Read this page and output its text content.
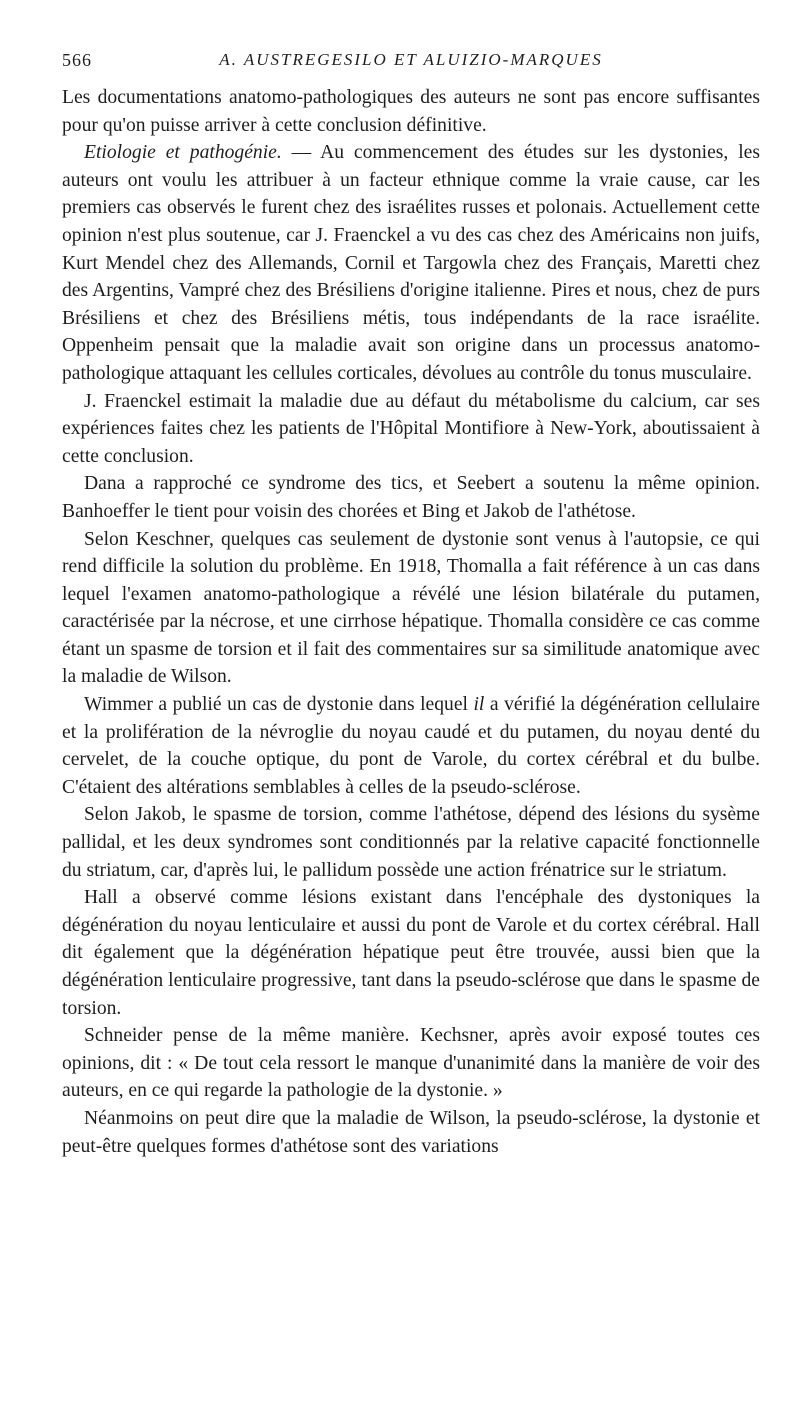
566	A. AUSTREGESILO ET ALUIZIO-MARQUES

Les documentations anatomo-pathologiques des auteurs ne sont pas encore suffisantes pour qu'on puisse arriver à cette conclusion définitive.

Etiologie et pathogénie. — Au commencement des études sur les dystonies, les auteurs ont voulu les attribuer à un facteur ethnique comme la vraie cause, car les premiers cas observés le furent chez des israélites russes et polonais. Actuellement cette opinion n'est plus soutenue, car J. Fraenckel a vu des cas chez des Américains non juifs, Kurt Mendel chez des Allemands, Cornil et Targowla chez des Français, Maretti chez des Argentins, Vampré chez des Brésiliens d'origine italienne. Pires et nous, chez de purs Brésiliens et chez des Brésiliens métis, tous indépendants de la race israélite. Oppenheim pensait que la maladie avait son origine dans un processus anatomo-pathologique attaquant les cellules corticales, dévolues au contrôle du tonus musculaire.

J. Fraenckel estimait la maladie due au défaut du métabolisme du calcium, car ses expériences faites chez les patients de l'Hôpital Montifiore à New-York, aboutissaient à cette conclusion.

Dana a rapproché ce syndrome des tics, et Seebert a soutenu la même opinion. Banhoeffer le tient pour voisin des chorées et Bing et Jakob de l'athétose.

Selon Keschner, quelques cas seulement de dystonie sont venus à l'autopsie, ce qui rend difficile la solution du problème. En 1918, Thomalla a fait référence à un cas dans lequel l'examen anatomo-pathologique a révélé une lésion bilatérale du putamen, caractérisée par la nécrose, et une cirrhose hépatique. Thomalla considère ce cas comme étant un spasme de torsion et il fait des commentaires sur sa similitude anatomique avec la maladie de Wilson.

Wimmer a publié un cas de dystonie dans lequel il a vérifié la dégénération cellulaire et la prolifération de la névroglie du noyau caudé et du putamen, du noyau denté du cervelet, de la couche optique, du pont de Varole, du cortex cérébral et du bulbe. C'étaient des altérations semblables à celles de la pseudo-sclérose.

Selon Jakob, le spasme de torsion, comme l'athétose, dépend des lésions du sysème pallidal, et les deux syndromes sont conditionnés par la relative capacité fonctionnelle du striatum, car, d'après lui, le pallidum possède une action frénatrice sur le striatum.

Hall a observé comme lésions existant dans l'encéphale des dystoniques la dégénération du noyau lenticulaire et aussi du pont de Varole et du cortex cérébral. Hall dit également que la dégénération hépatique peut être trouvée, aussi bien que la dégénération lenticulaire progressive, tant dans la pseudo-sclérose que dans le spasme de torsion.

Schneider pense de la même manière. Kechsner, après avoir exposé toutes ces opinions, dit : « De tout cela ressort le manque d'unanimité dans la manière de voir des auteurs, en ce qui regarde la pathologie de la dystonie. »

Néanmoins on peut dire que la maladie de Wilson, la pseudo-sclérose, la dystonie et peut-être quelques formes d'athétose sont des variations
